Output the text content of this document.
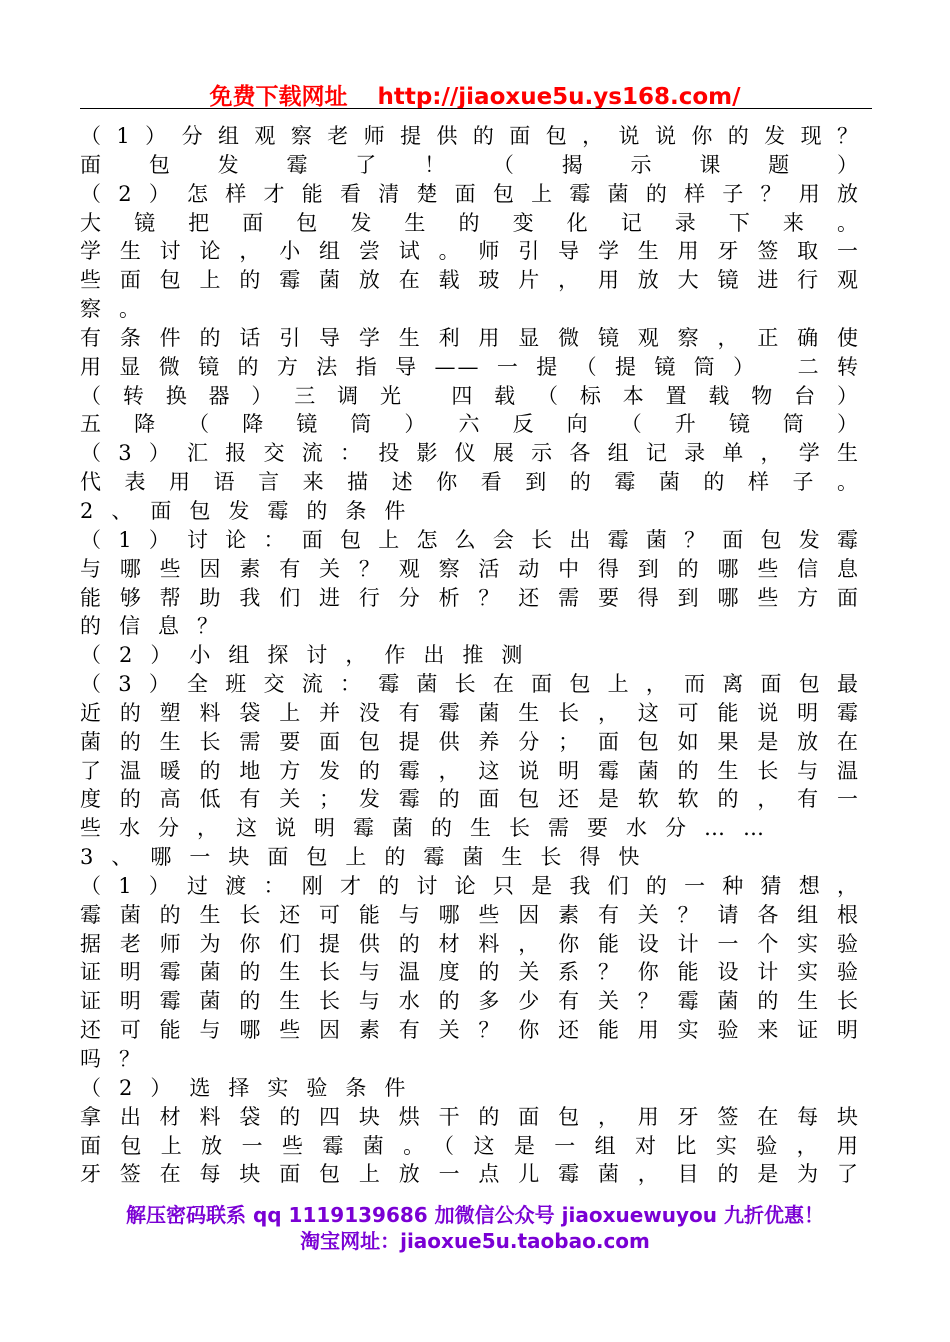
免费下载网址 http://jiaoxue5u.ys168.com/
（1）分组观察老师提供的面包，说说你的发现？
面包发霉了！（揭示课题）
（2）怎样才能看清楚面包上霉菌的样子？用放
大镜把面包发生的变化记录下来。
学生讨论，小组尝试。师引导学生用牙签取一
些面包上的霉菌放在载玻片，用放大镜进行观
察。
有条件的话引导学生利用显微镜观察，正确使
用显微镜的方法指导——一提（提镜筒） 二转
（转换器）三调光 四载（标本置载物台）
五降（降镜筒）六反向（升镜筒）
（3）汇报交流：投影仪展示各组记录单，学生
代表用语言来描述你看到的霉菌的样子。
2、面包发霉的条件
（1）讨论：面包上怎么会长出霉菌？面包发霉
与哪些因素有关？观察活动中得到的哪些信息
能够帮助我们进行分析？还需要得到哪些方面
的信息？
（2）小组探讨，作出推测
（3）全班交流：霉菌长在面包上，而离面包最
近的塑料袋上并没有霉菌生长，这可能说明霉
菌的生长需要面包提供养分；面包如果是放在
了温暖的地方发的霉，这说明霉菌的生长与温
度的高低有关；发霉的面包还是软软的，有一
些水分，这说明霉菌的生长需要水分……
3、哪一块面包上的霉菌生长得快
（1）过渡：刚才的讨论只是我们的一种猜想，
霉菌的生长还可能与哪些因素有关？请各组根
据老师为你们提供的材料，你能设计一个实验
证明霉菌的生长与温度的关系？你能设计实验
证明霉菌的生长与水的多少有关？霉菌的生长
还可能与哪些因素有关？你还能用实验来证明
吗？
（2）选择实验条件
拿出材料袋的四块烘干的面包，用牙签在每块
面包上放一些霉菌。（这是一组对比实验，用
牙签在每块面包上放一点儿霉菌，目的是为了
解压密码联系 qq 1119139686 加微信公众号 jiaoxuewuyou 九折优惠！
淘宝网址：jiaoxue5u.taobao.com
